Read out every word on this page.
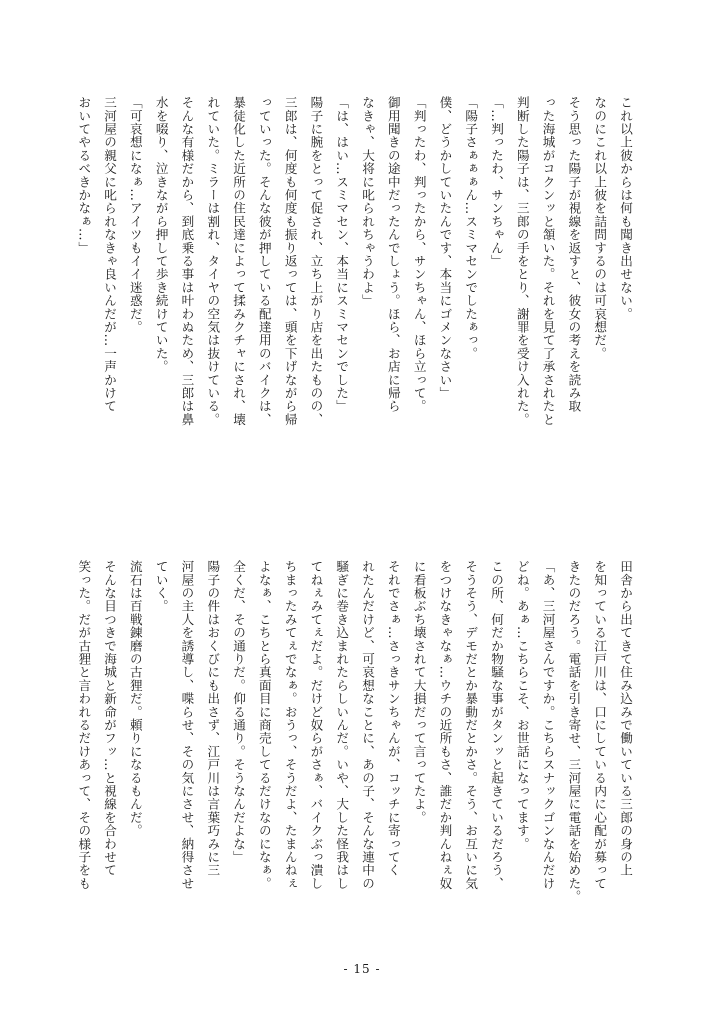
これ以上彼からは何も聞き出せない。
なのにこれ以上彼を詰問するのは可哀想だ。
そう思った陽子が視線を返すと、彼女の考えを読み取
った海城がコクンッと頷いた。それを見て了承されたと
判断した陽子は、三郎の手をとり、謝罪を受け入れた。
「…判ったわ、サンちゃん」
「陽子さぁぁぁん…スミマセンでしたぁっ。
僕、どうかしていたんです、本当にゴメンなさい」
「判ったわ、判ったから、サンちゃん、ほら立って。
御用聞きの途中だったんでしょう。ほら、お店に帰ら
なきゃ、大将に叱られちゃうわよ」
「は、はい…スミマセン、本当にスミマセンでした」
陽子に腕をとって促され、立ち上がり店を出たものの、
三郎は、何度も何度も振り返っては、頭を下げながら帰
っていった。そんな彼が押している配達用のバイクは、
暴徒化した近所の住民達によって揉みクチャにされ、壊
れていた。ミラーは割れ、タイヤの空気は抜けている。
そんな有様だから、到底乗る事は叶わぬため、三郎は鼻
水を啜り、泣きながら押して歩き続けていた。
「可哀想になぁ…アイツもイイ迷惑だ。
三河屋の親父に叱られなきゃ良いんだが…一声かけて
おいてやるべきかなぁ…」
田舎から出てきて住み込みで働いている三郎の身の上
を知っている江戸川は、口にしている内に心配が募って
きたのだろう。電話を引き寄せ、三河屋に電話を始めた。
「あ、三河屋さんですか。こちらスナックゴンなんだけ
どね。あぁ…こちらこそ、お世話になってます。
この所、何だか物騒な事がタンッと起きているだろう、
そうそう、デモだとか暴動だとかさ。そう、お互いに気
をつけなきゃなぁ…ウチの近所もさ、誰だか判んねぇ奴
に看板ぶち壊されて大損だって言ってたよ。
それでさぁ…さっきサンちゃんが、コッチに寄ってく
れたんだけど、可哀想なことに、あの子、そんな連中の
騒ぎに巻き込まれたらしいんだ。いや、大した怪我はし
てねぇみてぇだよ。だけど奴らがさぁ、バイクぶっ潰し
ちまったみてぇでなぁ。おうっ、そうだよ、たまんねぇ
よなぁ、こちとら真面目に商売してるだけなのになぁ。
全くだ、その通りだ。仰る通り。そうなんだよな」
陽子の件はおくびにも出さず、江戸川は言葉巧みに三
河屋の主人を誘導し、喋らせ、その気にさせ、納得させ
ていく。
流石は百戦錬磨の古狸だ。頼りになるもんだ。
そんな目つきで海城と新命がフッ…と視線を合わせて
笑った。だが古狸と言われるだけあって、その様子をも
- 15 -
